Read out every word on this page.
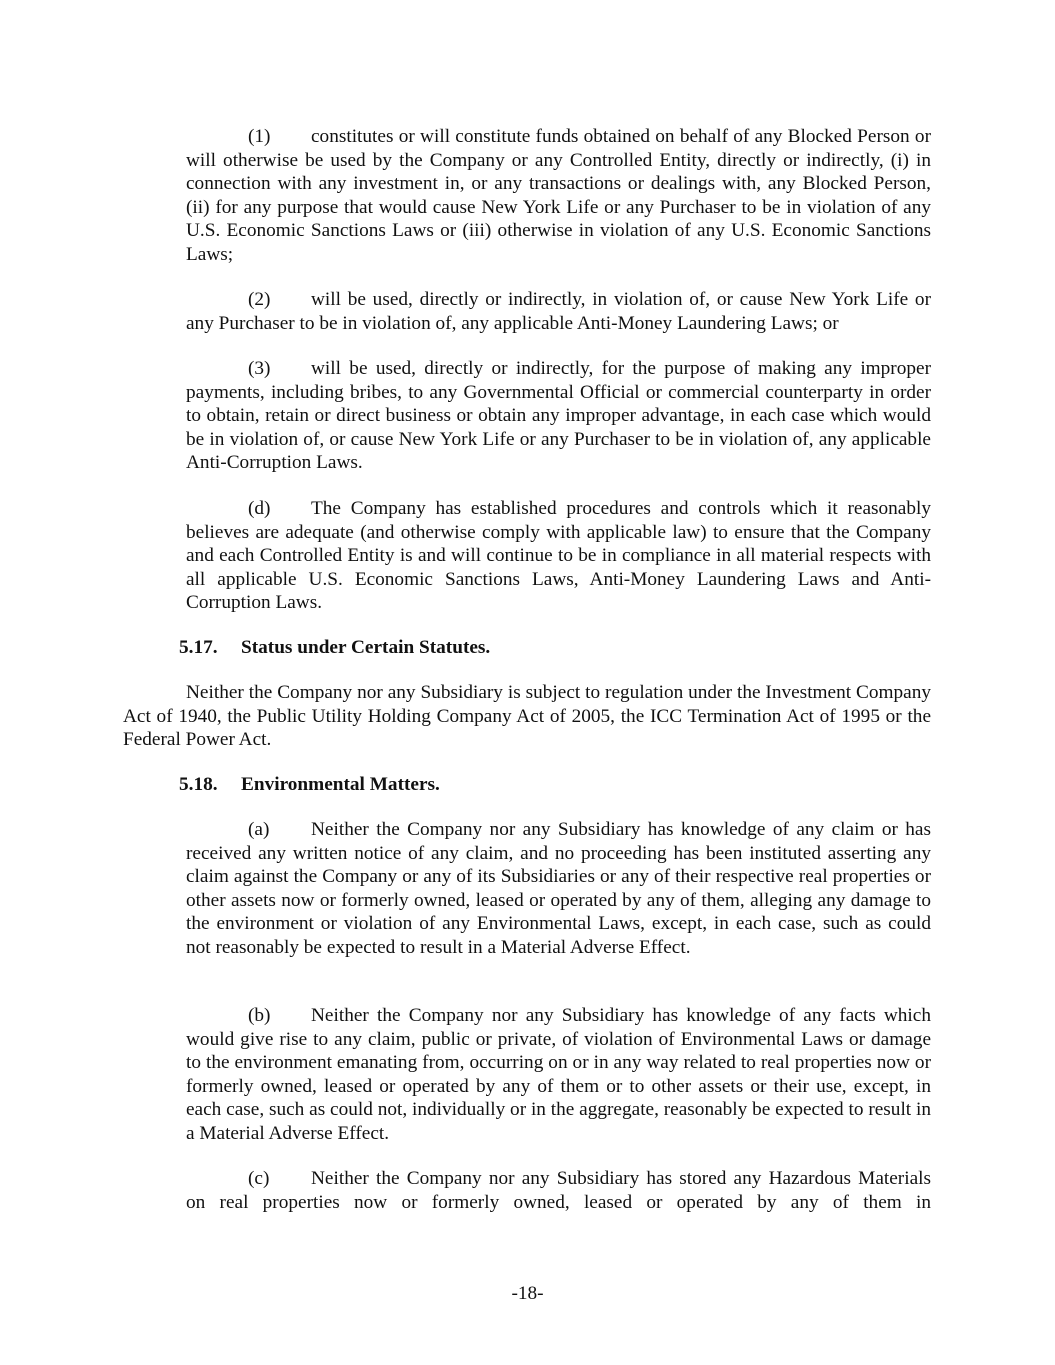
(1) constitutes or will constitute funds obtained on behalf of any Blocked Person or will otherwise be used by the Company or any Controlled Entity, directly or indirectly, (i) in connection with any investment in, or any transactions or dealings with, any Blocked Person, (ii) for any purpose that would cause New York Life or any Purchaser to be in violation of any U.S. Economic Sanctions Laws or (iii) otherwise in violation of any U.S. Economic Sanctions Laws;

(2) will be used, directly or indirectly, in violation of, or cause New York Life or any Purchaser to be in violation of, any applicable Anti-Money Laundering Laws; or

(3) will be used, directly or indirectly, for the purpose of making any improper payments, including bribes, to any Governmental Official or commercial counterparty in order to obtain, retain or direct business or obtain any improper advantage, in each case which would be in violation of, or cause New York Life or any Purchaser to be in violation of, any applicable Anti-Corruption Laws.

(d) The Company has established procedures and controls which it reasonably believes are adequate (and otherwise comply with applicable law) to ensure that the Company and each Controlled Entity is and will continue to be in compliance in all material respects with all applicable U.S. Economic Sanctions Laws, Anti-Money Laundering Laws and Anti-Corruption Laws.

5.17. Status under Certain Statutes.

Neither the Company nor any Subsidiary is subject to regulation under the Investment Company Act of 1940, the Public Utility Holding Company Act of 2005, the ICC Termination Act of 1995 or the Federal Power Act.

5.18. Environmental Matters.

(a) Neither the Company nor any Subsidiary has knowledge of any claim or has received any written notice of any claim, and no proceeding has been instituted asserting any claim against the Company or any of its Subsidiaries or any of their respective real properties or other assets now or formerly owned, leased or operated by any of them, alleging any damage to the environment or violation of any Environmental Laws, except, in each case, such as could not reasonably be expected to result in a Material Adverse Effect.

(b) Neither the Company nor any Subsidiary has knowledge of any facts which would give rise to any claim, public or private, of violation of Environmental Laws or damage to the environment emanating from, occurring on or in any way related to real properties now or formerly owned, leased or operated by any of them or to other assets or their use, except, in each case, such as could not, individually or in the aggregate, reasonably be expected to result in a Material Adverse Effect.

(c) Neither the Company nor any Subsidiary has stored any Hazardous Materials on real properties now or formerly owned, leased or operated by any of them in

-18-
